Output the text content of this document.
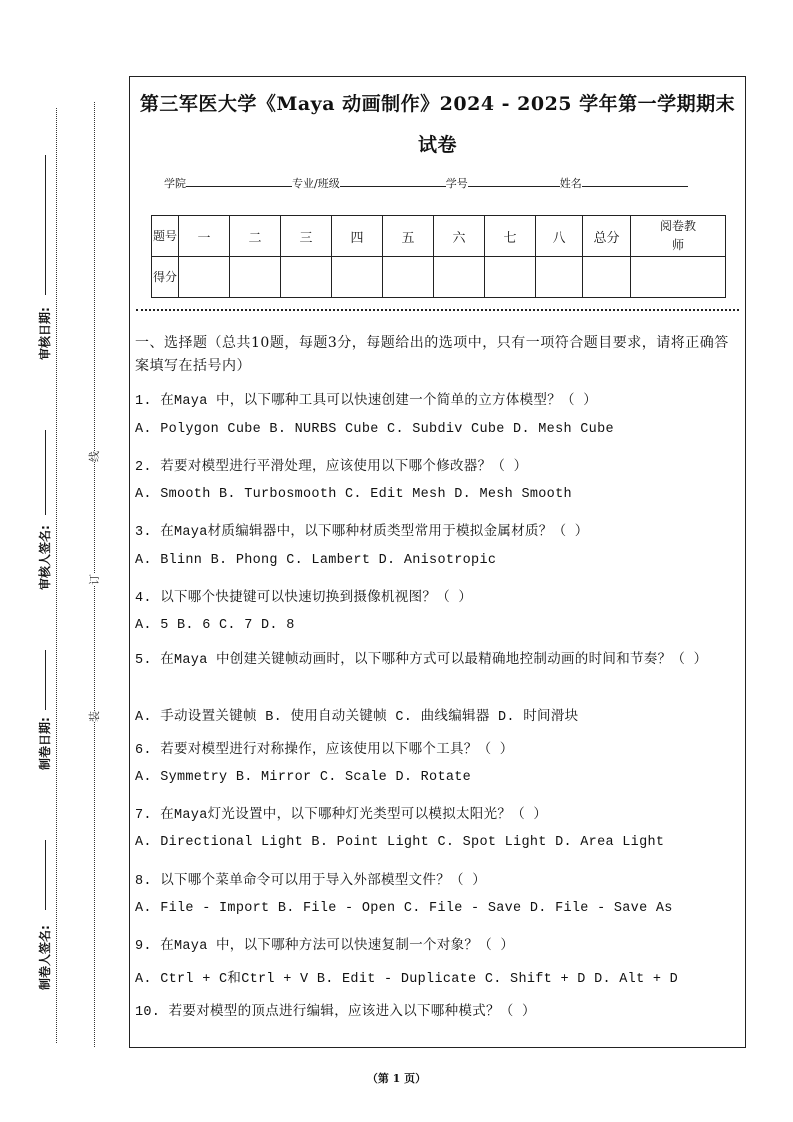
审核日期:
审核人签名:
制卷日期:
制卷人签名:
线
订
装
第三军医大学《Maya 动画制作》2024 - 2025 学年第一学期期末
试卷
学院	专业/班级	学号	姓名
题号	一	二	三	四	五	六	七	八	总分	阅卷教师
得分										
一、选择题（总共10题，每题3分，每题给出的选项中，只有一项符合题目要求，请将正确答案填写在括号内）
1. 在Maya 中，以下哪种工具可以快速创建一个简单的立方体模型？（ ）
A. Polygon Cube B. NURBS Cube C. Subdiv Cube D. Mesh Cube
2. 若要对模型进行平滑处理，应该使用以下哪个修改器？（ ）
A. Smooth B. Turbosmooth C. Edit Mesh D. Mesh Smooth
3. 在Maya材质编辑器中，以下哪种材质类型常用于模拟金属材质？（ ）
A. Blinn B. Phong C. Lambert D. Anisotropic
4. 以下哪个快捷键可以快速切换到摄像机视图？（ ）
A. 5 B. 6 C. 7 D. 8
5. 在Maya 中创建关键帧动画时，以下哪种方式可以最精确地控制动画的时间和节奏？（ ）
A. 手动设置关键帧 B. 使用自动关键帧 C. 曲线编辑器 D. 时间滑块
6. 若要对模型进行对称操作，应该使用以下哪个工具？（ ）
A. Symmetry B. Mirror C. Scale D. Rotate
7. 在Maya灯光设置中，以下哪种灯光类型可以模拟太阳光？（ ）
A. Directional Light B. Point Light C. Spot Light D. Area Light
8. 以下哪个菜单命令可以用于导入外部模型文件？（ ）
A. File - Import B. File - Open C. File - Save D. File - Save As
9. 在Maya 中，以下哪种方法可以快速复制一个对象？（ ）
A. Ctrl + C和Ctrl + V B. Edit - Duplicate C. Shift + D D. Alt + D
10. 若要对模型的顶点进行编辑，应该进入以下哪种模式？（ ）
（第 1 页）
